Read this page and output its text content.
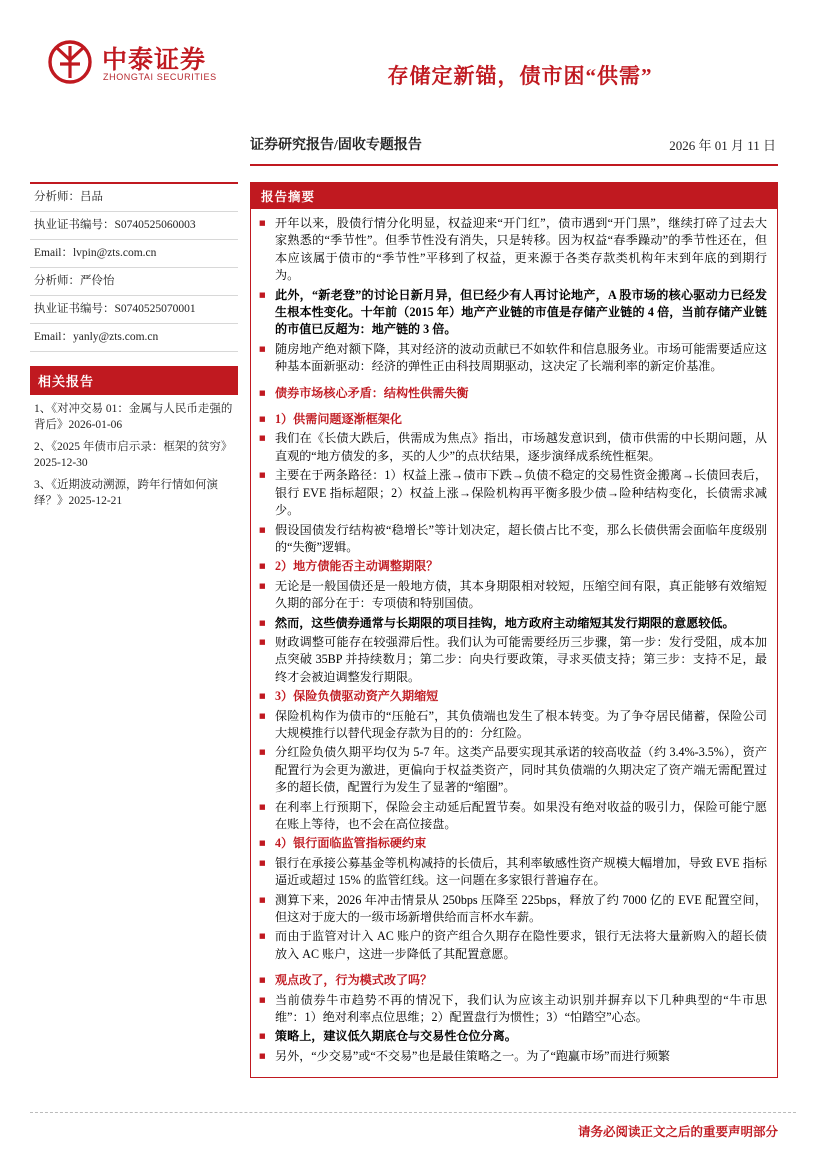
中泰证券
ZHONGTAI SECURITIES	存储定新锚，债市困“供需”
证券研究报告/固收专题报告	2026 年 01 月 11 日
分析师：吕品
执业证书编号：S0740525060003
Email：lvpin@zts.com.cn
分析师：严伶怡
执业证书编号：S0740525070001
Email：yanly@zts.com.cn
相关报告
1、《对冲交易 01：金属与人民币走强的背后》2026-01-06
2、《2025 年债市启示录：框架的贫穷》2025-12-30
3、《近期波动溯源，跨年行情如何演绎？》2025-12-21
报告摘要
■
开年以来，股债行情分化明显，权益迎来“开门红”，债市遇到“开门黑”，继续打碎了过去大家熟悉的“季节性”。但季节性没有消失，只是转移。因为权益“春季躁动”的季节性还在，但本应该属于债市的“季节性”平移到了权益，更来源于各类存款类机构年末到年底的到期行为。
■
此外，“新老登”的讨论日新月异，但已经少有人再讨论地产，A 股市场的核心驱动力已经发生根本性变化。十年前（2015 年）地产产业链的市值是存储产业链的 4 倍，当前存储产业链的市值已反超为：地产链的 3 倍。
■
随房地产绝对额下降，其对经济的波动贡献已不如软件和信息服务业。市场可能需要适应这种基本面新驱动：经济的弹性正由科技周期驱动，这决定了长端利率的新定价基准。
■
债券市场核心矛盾：结构性供需失衡
■
1）供需问题逐渐框架化
■
我们在《长债大跌后，供需成为焦点》指出，市场越发意识到，债市供需的中长期问题，从直观的“地方债发的多，买的人少”的点状结果，逐步演绎成系统性框架。
■
主要在于两条路径：1）权益上涨→债市下跌→负债不稳定的交易性资金搬离→长债回表后，银行 EVE 指标超限；2）权益上涨→保险机构再平衡多股少债→险种结构变化，长债需求减少。
■
假设国债发行结构被“稳增长”等计划决定，超长债占比不变，那么长债供需会面临年度级别的“失衡”逻辑。
■
2）地方债能否主动调整期限？
■
无论是一般国债还是一般地方债，其本身期限相对较短，压缩空间有限，真正能够有效缩短久期的部分在于：专项债和特别国债。
■
然而，这些债券通常与长期限的项目挂钩，地方政府主动缩短其发行期限的意愿较低。
■
财政调整可能存在较强滞后性。我们认为可能需要经历三步骤，第一步：发行受阻，成本加点突破 35BP 并持续数月；第二步：向央行要政策，寻求买债支持；第三步：支持不足，最终才会被迫调整发行期限。
■
3）保险负债驱动资产久期缩短
■
保险机构作为债市的“压舱石”，其负债端也发生了根本转变。为了争夺居民储蓄，保险公司大规模推行以替代现金存款为目的的：分红险。
■
分红险负债久期平均仅为 5-7 年。这类产品要实现其承诺的较高收益（约 3.4%-3.5%），资产配置行为会更为激进，更偏向于权益类资产，同时其负债端的久期决定了资产端无需配置过多的超长债，配置行为发生了显著的“缩圈”。
■
在利率上行预期下，保险会主动延后配置节奏。如果没有绝对收益的吸引力，保险可能宁愿在账上等待，也不会在高位接盘。
■
4）银行面临监管指标硬约束
■
银行在承接公募基金等机构减持的长债后，其利率敏感性资产规模大幅增加，导致 EVE 指标逼近或超过 15% 的监管红线。这一问题在多家银行普遍存在。
■
测算下来，2026 年冲击情景从 250bps 压降至 225bps，释放了约 7000 亿的 EVE 配置空间，但这对于庞大的一级市场新增供给而言杯水车薪。
■
而由于监管对计入 AC 账户的资产组合久期存在隐性要求，银行无法将大量新购入的超长债放入 AC 账户，这进一步降低了其配置意愿。
■
观点改了，行为模式改了吗？
■
当前债券牛市趋势不再的情况下，我们认为应该主动识别并摒弃以下几种典型的“牛市思维”：1）绝对利率点位思维；2）配置盘行为惯性；3）“怕踏空”心态。
■
策略上，建议低久期底仓与交易性仓位分离。
■
另外，“少交易”或“不交易”也是最佳策略之一。为了“跑赢市场”而进行频繁
请务必阅读正文之后的重要声明部分
